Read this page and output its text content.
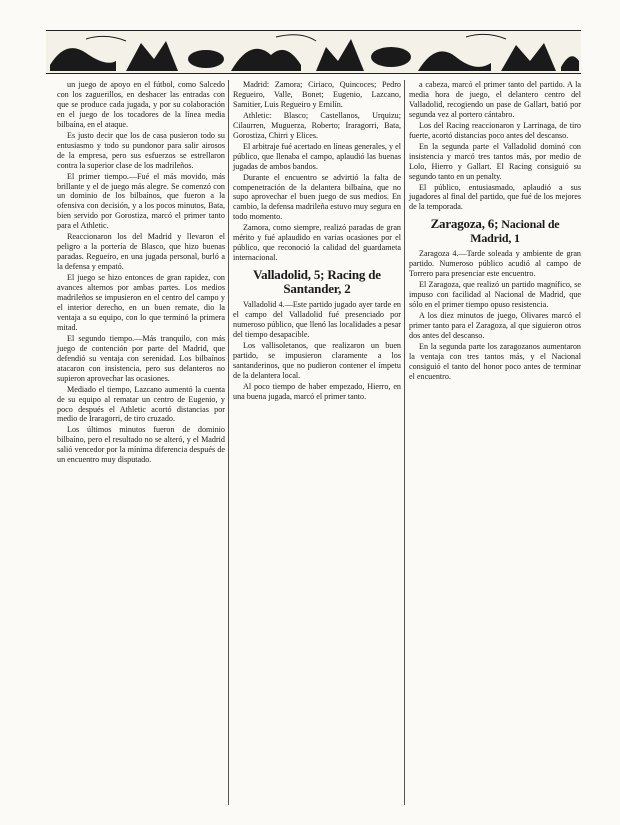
un juego de apoyo en el fútbol, como Salcedo con los zaguerillos, en deshacer las entradas con que se produce cada jugada, y por su colaboración en el juego de los tocadores de la línea media bilbaína, en el ataque.

Es justo decir que los de casa pusieron todo su entusiasmo y todo su pundonor para salir airosos de la empresa, pero sus esfuerzos se estrellaron contra la superior clase de los madrileños.

El primer tiempo.—Fué el más movido, más brillante y el de juego más alegre. Se comenzó con un dominio de los bilbaínos, que fueron a la ofensiva con decisión, y a los pocos minutos, Bata, bien servido por Gorostiza, marcó el primer tanto para el Athletic.

Reaccionaron los del Madrid y llevaron el peligro a la portería de Blasco, que hizo buenas paradas. Regueiro, en una jugada personal, burló a la defensa y empató.

El juego se hizo entonces de gran rapidez, con avances alternos por ambas partes. Los medios madrileños se impusieron en el centro del campo y el interior derecho, en un buen remate, dio la ventaja a su equipo, con lo que terminó la primera mitad.

El segundo tiempo.—Más tranquilo, con más juego de contención por parte del Madrid, que defendió su ventaja con serenidad. Los bilbaínos atacaron con insistencia, pero sus delanteros no supieron aprovechar las ocasiones.

Mediado el tiempo, Lazcano aumentó la cuenta de su equipo al rematar un centro de Eugenio, y poco después el Athletic acortó distancias por medio de Iraragorri, de tiro cruzado.

Los últimos minutos fueron de dominio bilbaíno, pero el resultado no se alteró, y el Madrid salió vencedor por la mínima diferencia después de un encuentro muy disputado.

Madrid: Zamora; Ciriaco, Quincoces; Pedro Regueiro, Valle, Bonet; Eugenio, Lazcano, Samitier, Luis Regueiro y Emilín.

Athletic: Blasco; Castellanos, Urquizu; Cilaurren, Muguerza, Roberto; Iraragorri, Bata, Gorostiza, Chirri y Elices.

El arbitraje fué acertado en líneas generales, y el público, que llenaba el campo, aplaudió las buenas jugadas de ambos bandos.

Durante el encuentro se advirtió la falta de compenetración de la delantera bilbaína, que no supo aprovechar el buen juego de sus medios. En cambio, la defensa madrileña estuvo muy segura en todo momento.

Zamora, como siempre, realizó paradas de gran mérito y fué aplaudido en varias ocasiones por el público, que reconoció la calidad del guardameta internacional.

Valladolid, 5; Racing de Santander, 2

Valladolid 4.—Este partido jugado ayer tarde en el campo del Valladolid fué presenciado por numeroso público, que llenó las localidades a pesar del tiempo desapacible.

Los vallisoletanos, que realizaron un buen partido, se impusieron claramente a los santanderinos, que no pudieron contener el ímpetu de la delantera local.

Al poco tiempo de haber empezado, Hierro, en una buena jugada, marcó el primer tanto.

a cabeza, marcó el primer tanto del partido. A la media hora de juego, el delantero centro del Valladolid, recogiendo un pase de Gallart, batió por segunda vez al portero cántabro.

Los del Racing reaccionaron y Larrinaga, de tiro fuerte, acortó distancias poco antes del descanso.

En la segunda parte el Valladolid dominó con insistencia y marcó tres tantos más, por medio de Lolo, Hierro y Gallart. El Racing consiguió su segundo tanto en un penalty.

El público, entusiasmado, aplaudió a sus jugadores al final del partido, que fué de los mejores de la temporada.

Zaragoza, 6; Nacional de Madrid, 1

Zaragoza 4.—Tarde soleada y ambiente de gran partido. Numeroso público acudió al campo de Torrero para presenciar este encuentro.

El Zaragoza, que realizó un partido magnífico, se impuso con facilidad al Nacional de Madrid, que sólo en el primer tiempo opuso resistencia.

A los diez minutos de juego, Olivares marcó el primer tanto para el Zaragoza, al que siguieron otros dos antes del descanso.

En la segunda parte los zaragozanos aumentaron la ventaja con tres tantos más, y el Nacional consiguió el tanto del honor poco antes de terminar el encuentro.
